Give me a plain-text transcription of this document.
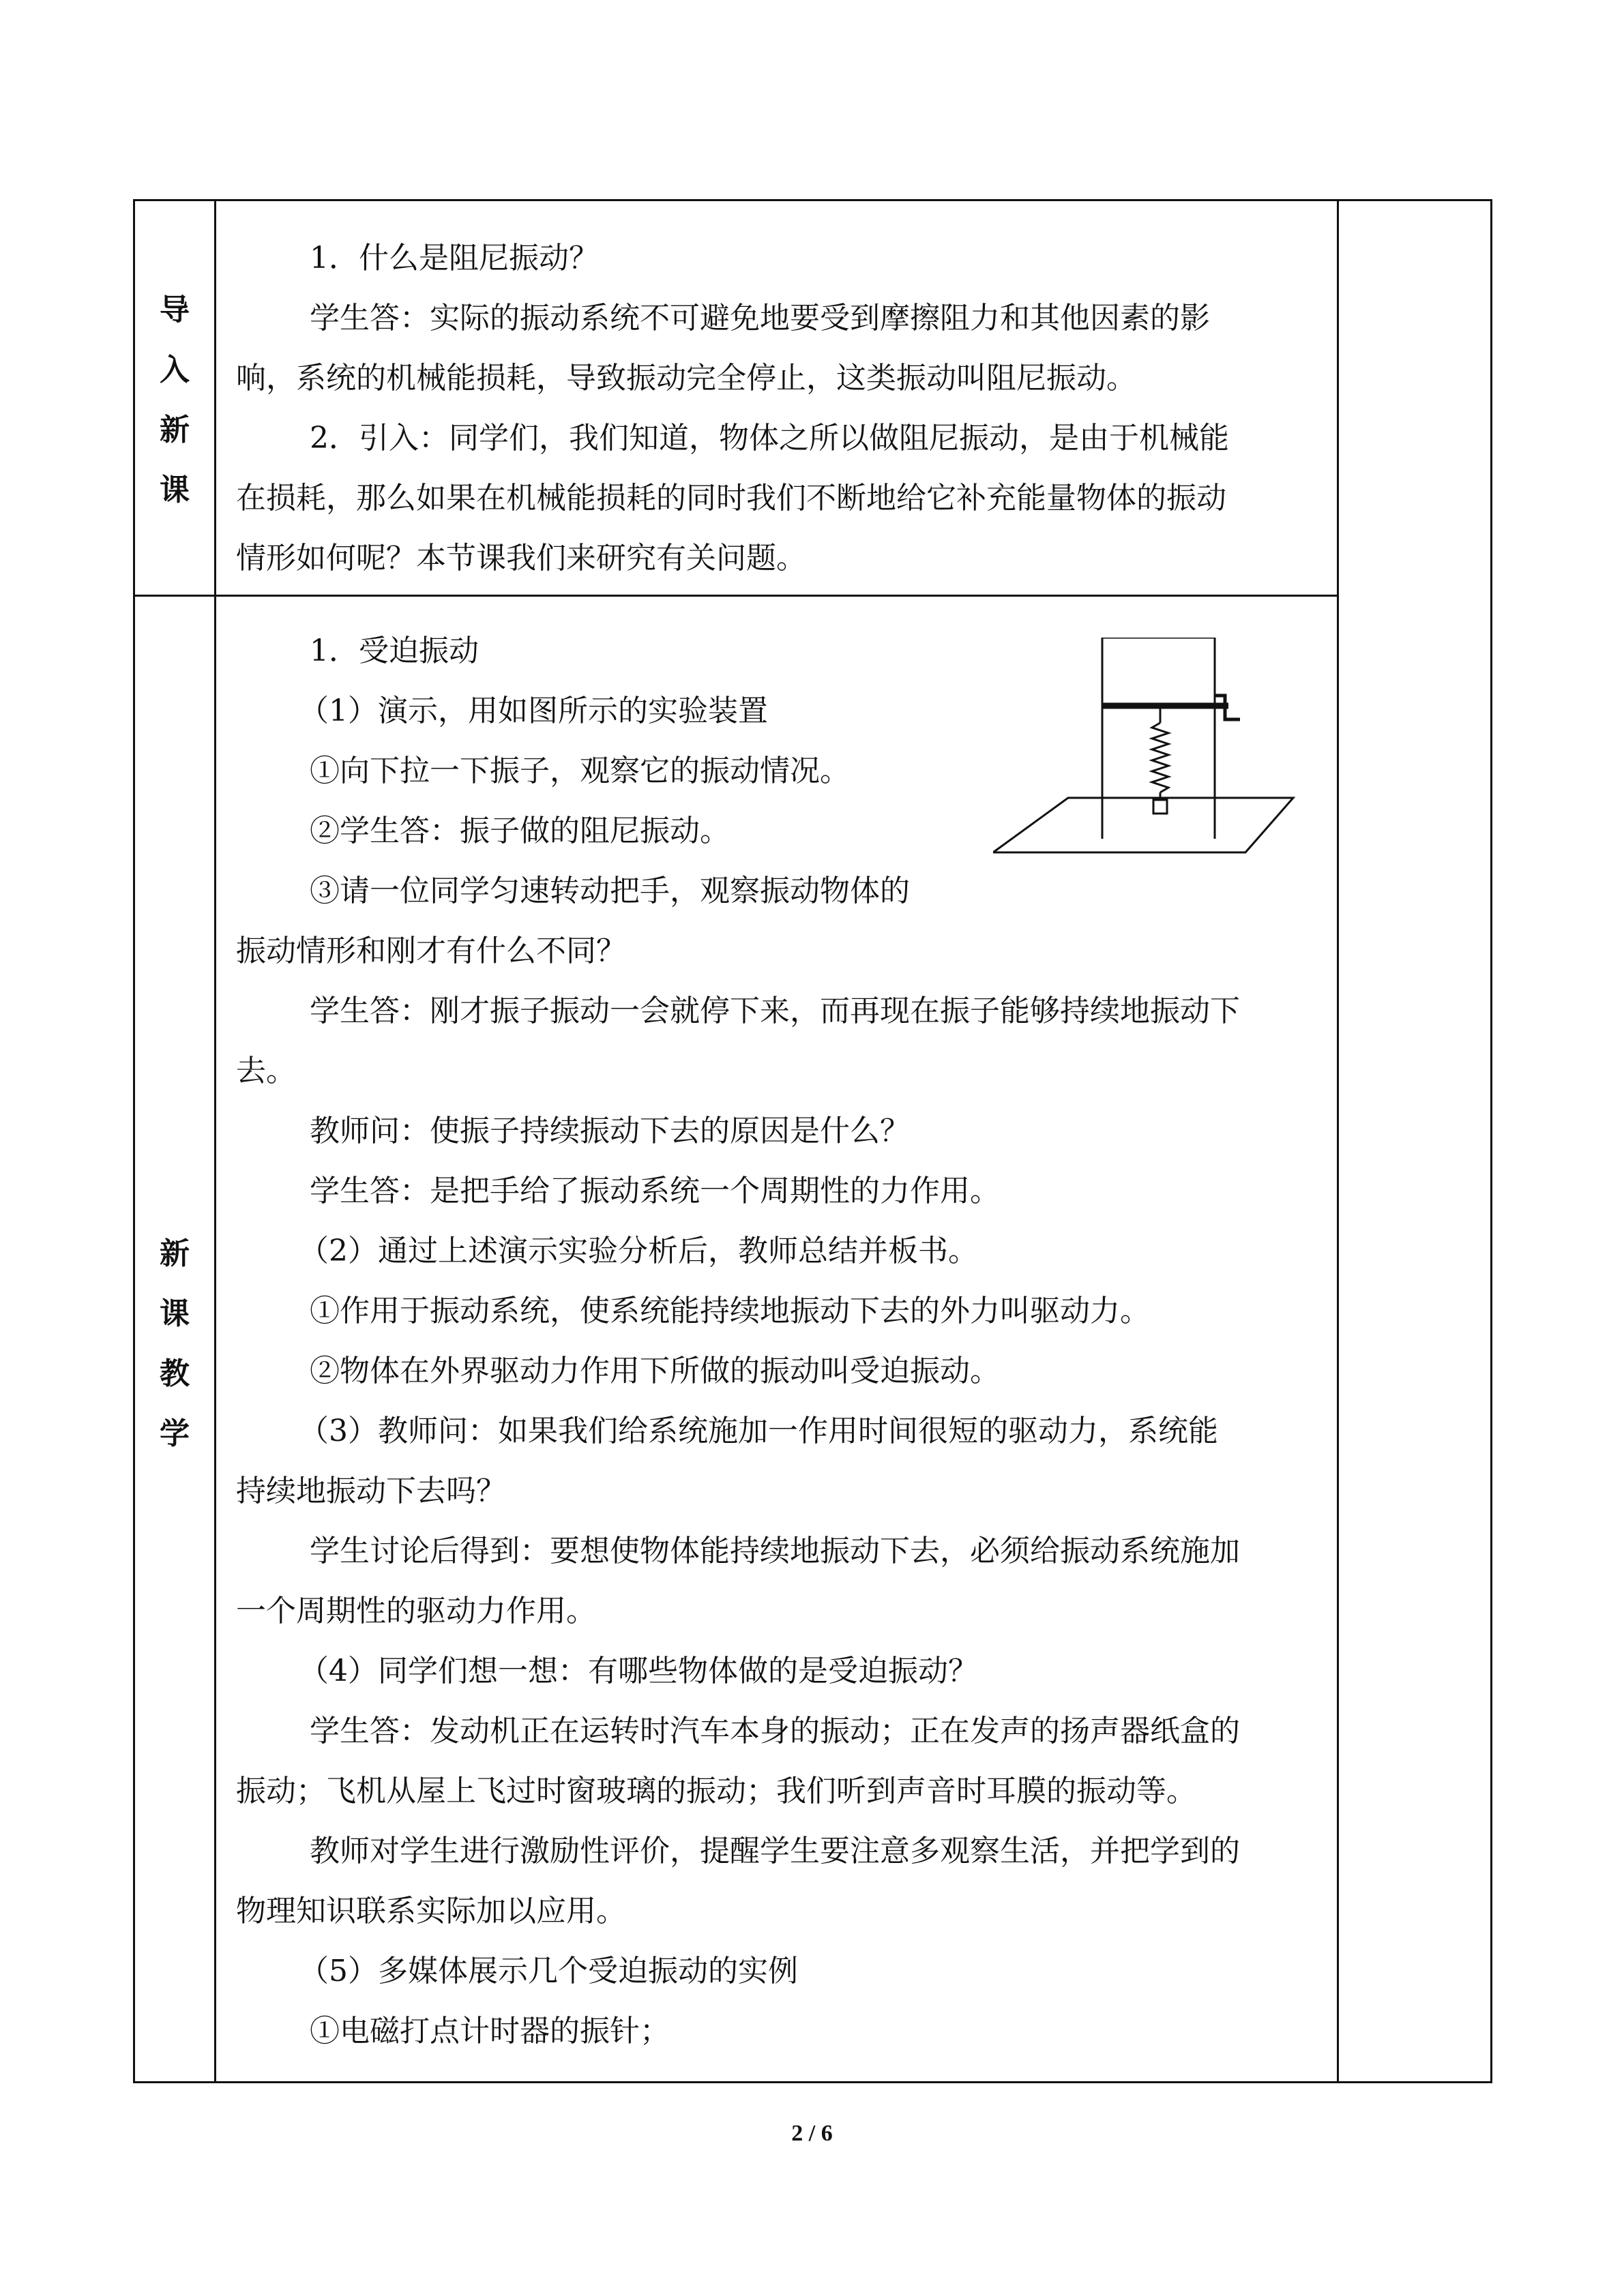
导
入
新
课
1．什么是阻尼振动？
学生答：实际的振动系统不可避免地要受到摩擦阻力和其他因素的影
响，系统的机械能损耗，导致振动完全停止，这类振动叫阻尼振动。
2．引入：同学们，我们知道，物体之所以做阻尼振动，是由于机械能
在损耗，那么如果在机械能损耗的同时我们不断地给它补充能量物体的振动
情形如何呢？本节课我们来研究有关问题。
新
课
教
学
1．受迫振动
（1）演示，用如图所示的实验装置
①向下拉一下振子，观察它的振动情况。
②学生答：振子做的阻尼振动。
③请一位同学匀速转动把手，观察振动物体的
振动情形和刚才有什么不同？
学生答：刚才振子振动一会就停下来，而再现在振子能够持续地振动下
去。
教师问：使振子持续振动下去的原因是什么？
学生答：是把手给了振动系统一个周期性的力作用。
（2）通过上述演示实验分析后，教师总结并板书。
①作用于振动系统，使系统能持续地振动下去的外力叫驱动力。
②物体在外界驱动力作用下所做的振动叫受迫振动。
（3）教师问：如果我们给系统施加一作用时间很短的驱动力，系统能
持续地振动下去吗？
学生讨论后得到：要想使物体能持续地振动下去，必须给振动系统施加
一个周期性的驱动力作用。
（4）同学们想一想：有哪些物体做的是受迫振动？
学生答：发动机正在运转时汽车本身的振动；正在发声的扬声器纸盒的
振动；飞机从屋上飞过时窗玻璃的振动；我们听到声音时耳膜的振动等。
教师对学生进行激励性评价，提醒学生要注意多观察生活，并把学到的
物理知识联系实际加以应用。
（5）多媒体展示几个受迫振动的实例
①电磁打点计时器的振针；
2 / 6
